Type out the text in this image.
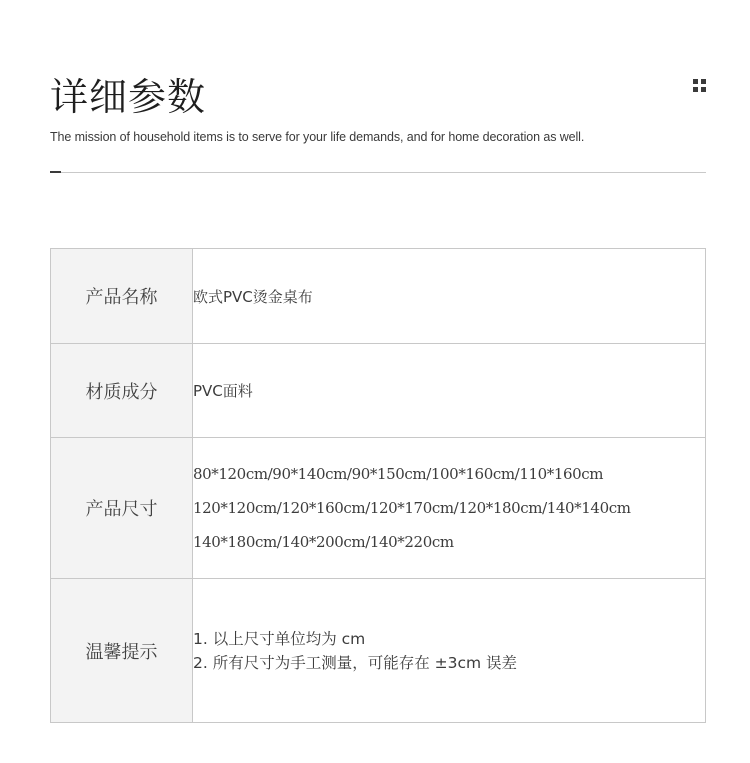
详细参数
The mission of household items is to serve for your life demands, and for home decoration as well.
产品名称	欧式PVC烫金桌布
材质成分	PVC面料
产品尺寸	80*120cm/90*140cm/90*150cm/100*160cm/110*160cm
120*120cm/120*160cm/120*170cm/120*180cm/140*140cm
140*180cm/140*200cm/140*220cm

温馨提示	1. 以上尺寸单位均为 cm
2. 所有尺寸为手工测量，可能存在 ±3cm 误差
